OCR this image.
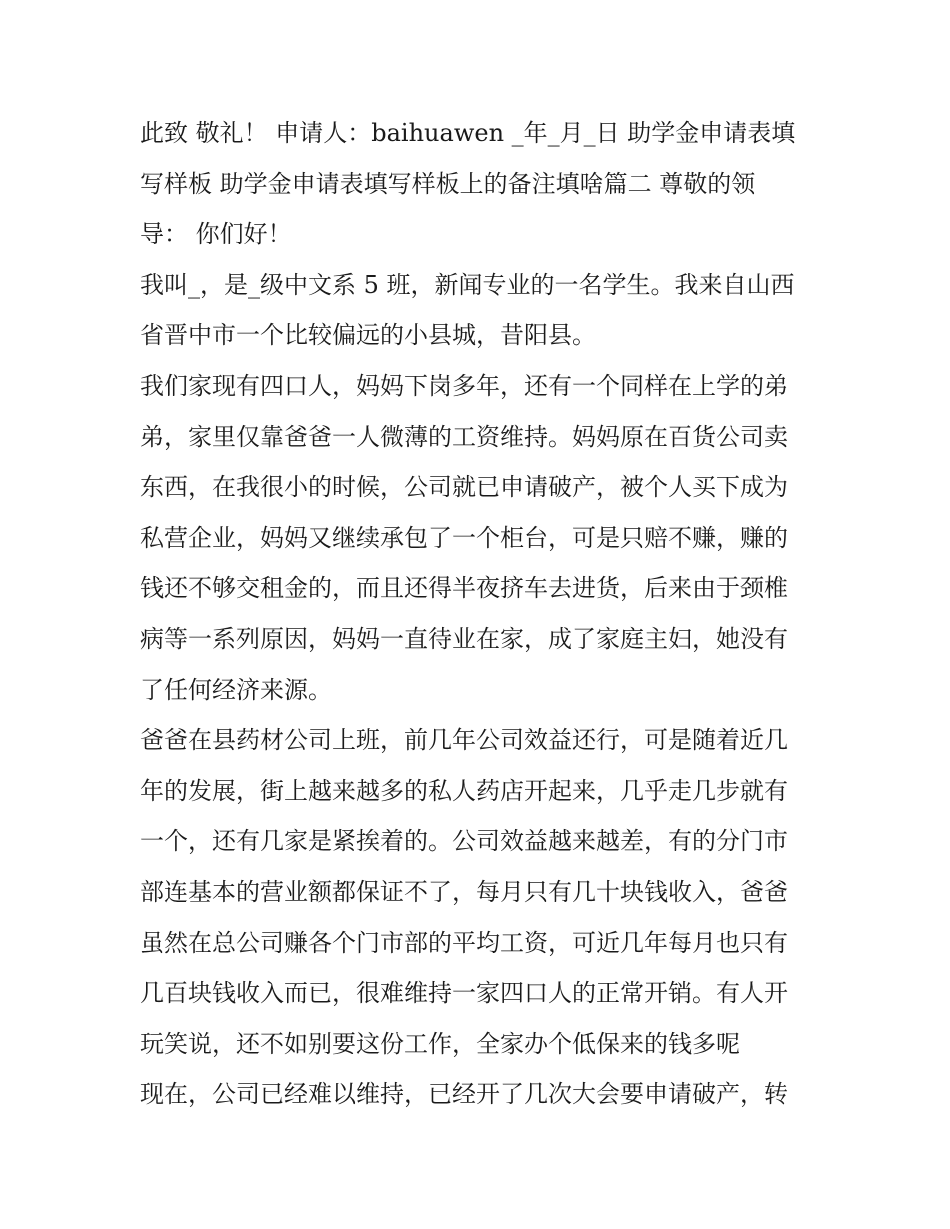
此致 敬礼！ 申请人：baihuawen _年_月_日 助学金申请表填
写样板 助学金申请表填写样板上的备注填啥篇二 尊敬的领
导： 你们好！
我叫_，是_级中文系 5 班，新闻专业的一名学生。我来自山西
省晋中市一个比较偏远的小县城，昔阳县。
我们家现有四口人，妈妈下岗多年，还有一个同样在上学的弟
弟，家里仅靠爸爸一人微薄的工资维持。妈妈原在百货公司卖
东西，在我很小的时候，公司就已申请破产，被个人买下成为
私营企业，妈妈又继续承包了一个柜台，可是只赔不赚，赚的
钱还不够交租金的，而且还得半夜挤车去进货，后来由于颈椎
病等一系列原因，妈妈一直待业在家，成了家庭主妇，她没有
了任何经济来源。
爸爸在县药材公司上班，前几年公司效益还行，可是随着近几
年的发展，街上越来越多的私人药店开起来，几乎走几步就有
一个，还有几家是紧挨着的。公司效益越来越差，有的分门市
部连基本的营业额都保证不了，每月只有几十块钱收入，爸爸
虽然在总公司赚各个门市部的平均工资，可近几年每月也只有
几百块钱收入而已，很难维持一家四口人的正常开销。有人开
玩笑说，还不如别要这份工作，全家办个低保来的钱多呢
现在，公司已经难以维持，已经开了几次大会要申请破产，转
